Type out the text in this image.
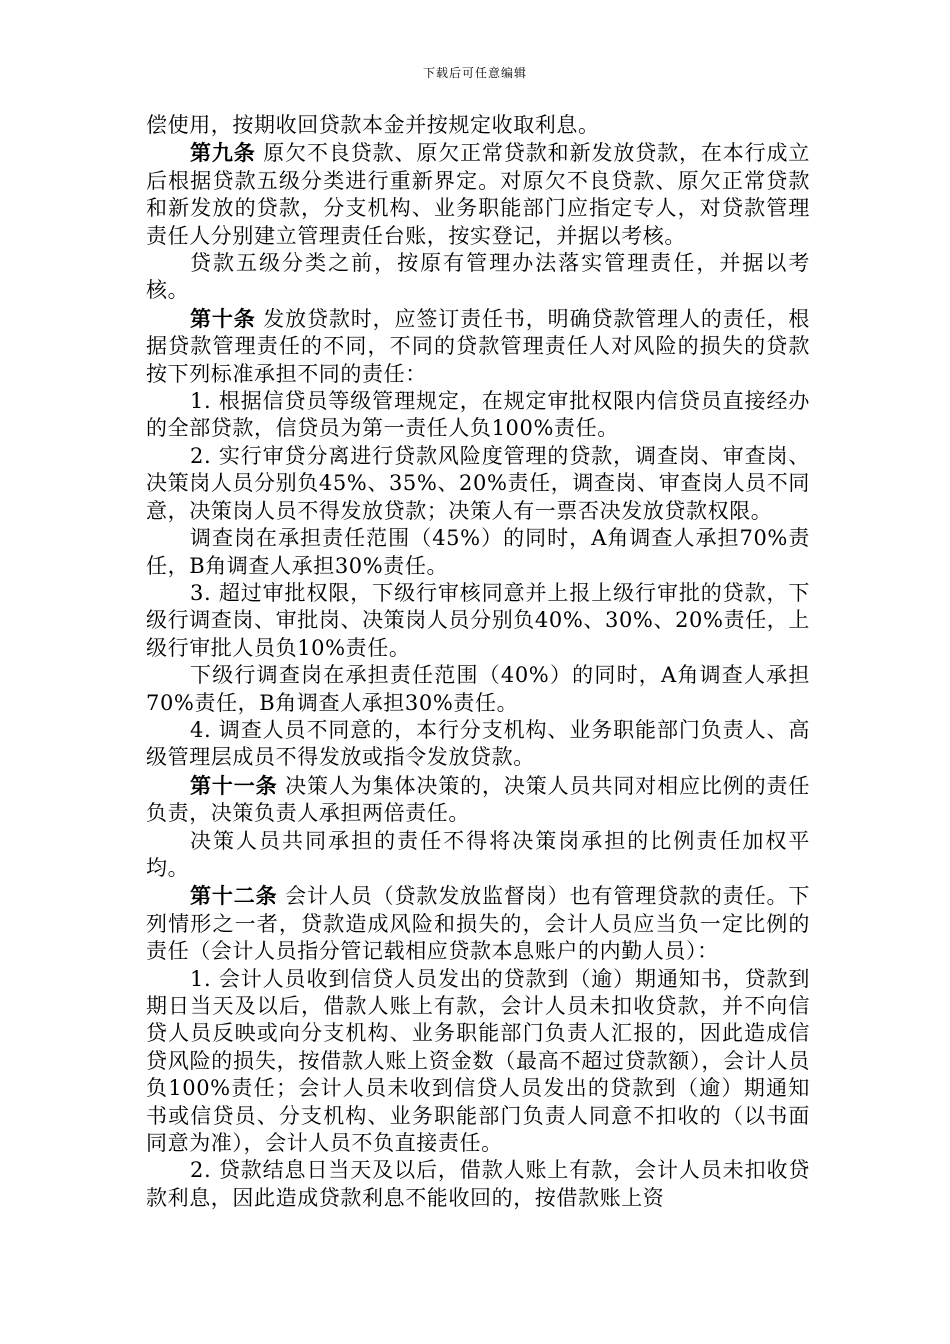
下载后可任意编辑

偿使用，按期收回贷款本金并按规定收取利息。

第九条 原欠不良贷款、原欠正常贷款和新发放贷款，在本行成立后根据贷款五级分类进行重新界定。对原欠不良贷款、原欠正常贷款和新发放的贷款，分支机构、业务职能部门应指定专人，对贷款管理责任人分别建立管理责任台账，按实登记，并据以考核。

贷款五级分类之前，按原有管理办法落实管理责任，并据以考核。

第十条 发放贷款时，应签订责任书，明确贷款管理人的责任，根据贷款管理责任的不同，不同的贷款管理责任人对风险的损失的贷款按下列标准承担不同的责任：

1. 根据信贷员等级管理规定，在规定审批权限内信贷员直接经办的全部贷款，信贷员为第一责任人负100%责任。

2. 实行审贷分离进行贷款风险度管理的贷款，调查岗、审查岗、决策岗人员分别负45%、35%、20%责任，调查岗、审查岗人员不同意，决策岗人员不得发放贷款；决策人有一票否决发放贷款权限。

调查岗在承担责任范围（45%）的同时，A角调查人承担70%责任，B角调查人承担30%责任。

3. 超过审批权限，下级行审核同意并上报上级行审批的贷款，下级行调查岗、审批岗、决策岗人员分别负40%、30%、20%责任，上级行审批人员负10%责任。

下级行调查岗在承担责任范围（40%）的同时，A角调查人承担70%责任，B角调查人承担30%责任。

4. 调查人员不同意的，本行分支机构、业务职能部门负责人、高级管理层成员不得发放或指令发放贷款。

第十一条 决策人为集体决策的，决策人员共同对相应比例的责任负责，决策负责人承担两倍责任。

决策人员共同承担的责任不得将决策岗承担的比例责任加权平均。

第十二条 会计人员（贷款发放监督岗）也有管理贷款的责任。下列情形之一者，贷款造成风险和损失的，会计人员应当负一定比例的责任（会计人员指分管记载相应贷款本息账户的内勤人员）：

1. 会计人员收到信贷人员发出的贷款到（逾）期通知书，贷款到期日当天及以后，借款人账上有款，会计人员未扣收贷款，并不向信贷人员反映或向分支机构、业务职能部门负责人汇报的，因此造成信贷风险的损失，按借款人账上资金数（最高不超过贷款额），会计人员负100%责任；会计人员未收到信贷人员发出的贷款到（逾）期通知书或信贷员、分支机构、业务职能部门负责人同意不扣收的（以书面同意为准），会计人员不负直接责任。

2. 贷款结息日当天及以后，借款人账上有款，会计人员未扣收贷款利息，因此造成贷款利息不能收回的，按借款账上资
